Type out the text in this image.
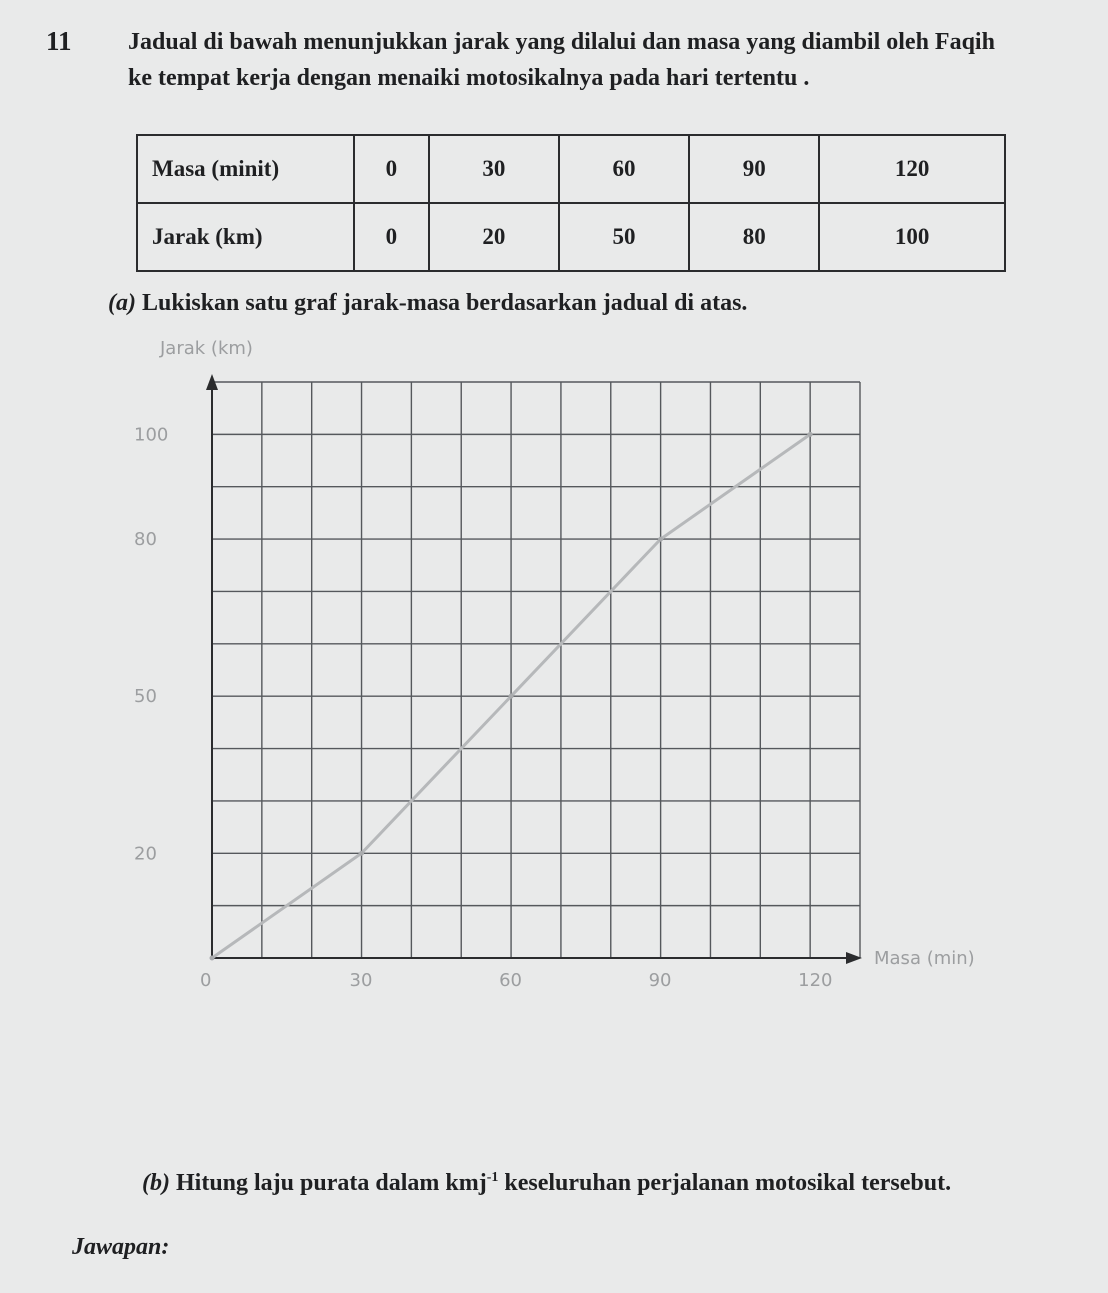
11 Jadual di bawah menunjukkan jarak yang dilalui dan masa yang diambil oleh Faqih
ke tempat kerja dengan menaiki motosikalnya pada hari tertentu .
Masa (minit)	0	30	60	90	120
Jarak (km)	0	20	50	80	100
(a) Lukiskan satu graf jarak-masa berdasarkan jadual di atas.
Jarak (km)
Masa (min)
100
80
50
20
0	30	60	90	120
(b) Hitung laju purata dalam kmj$^{-1}$ keseluruhan perjalanan motosikal tersebut.
Jawapan:
